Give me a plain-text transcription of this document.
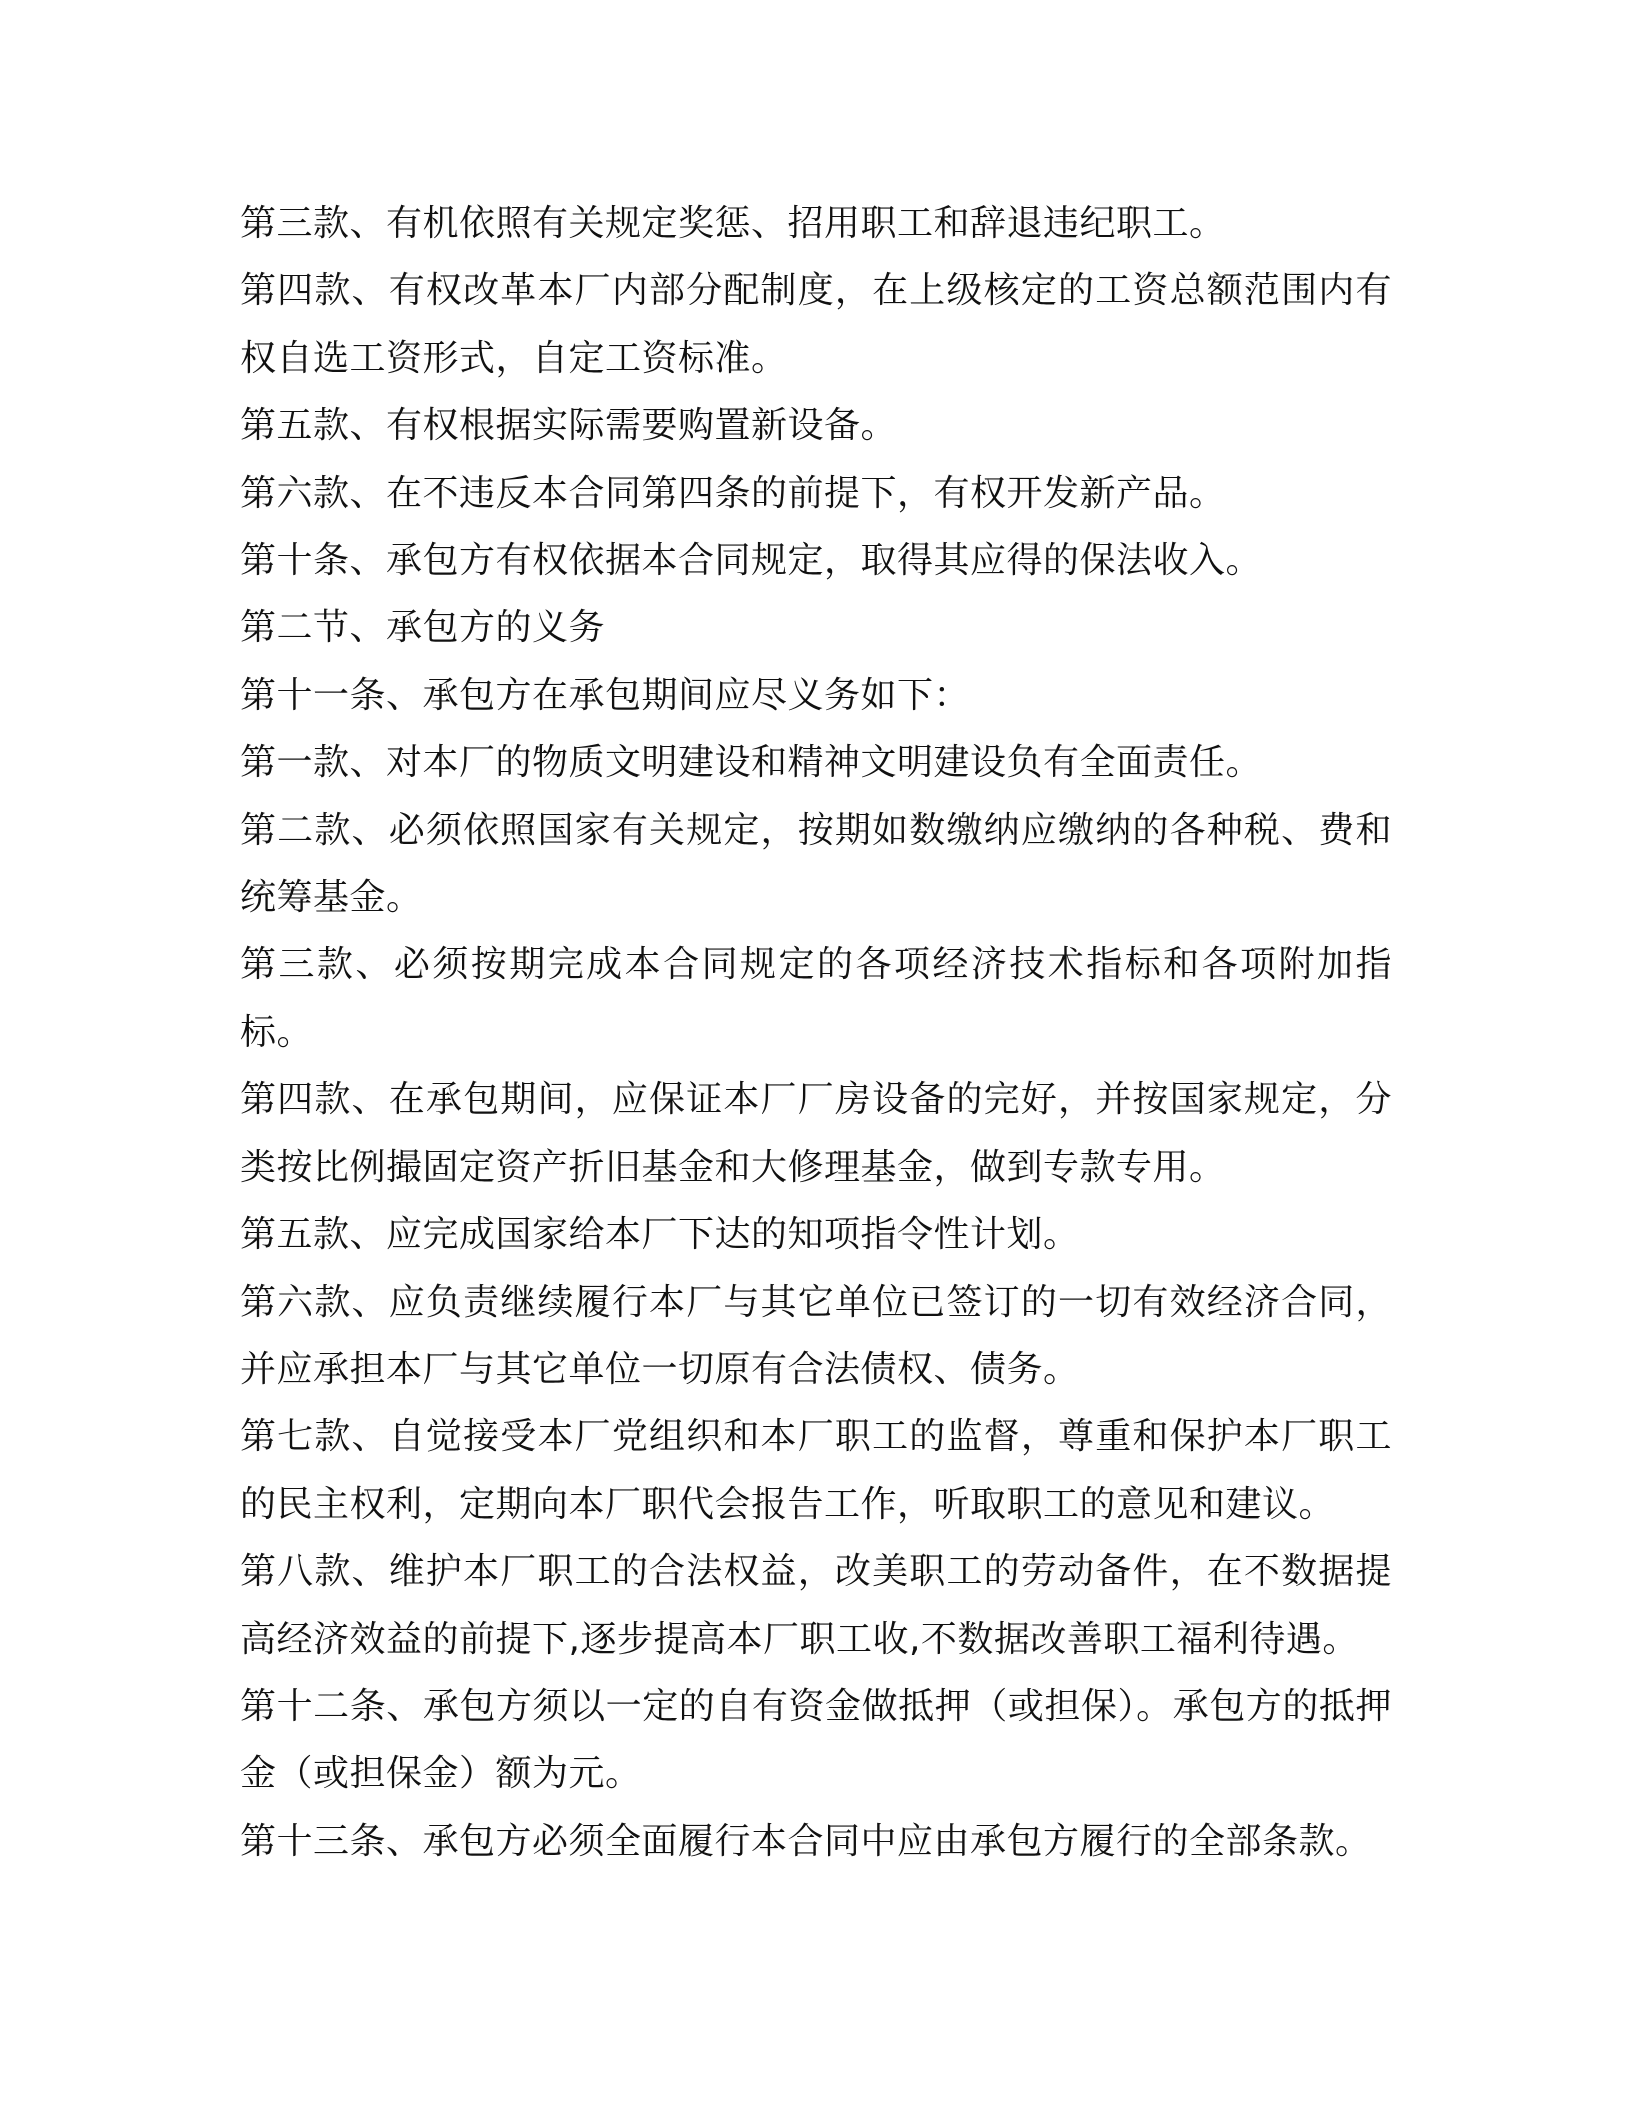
第三款、有机依照有关规定奖惩、招用职工和辞退违纪职工。

第四款、有权改革本厂内部分配制度，在上级核定的工资总额范围内有权自选工资形式，自定工资标准。

第五款、有权根据实际需要购置新设备。

第六款、在不违反本合同第四条的前提下，有权开发新产品。

第十条、承包方有权依据本合同规定，取得其应得的保法收入。

第二节、承包方的义务

第十一条、承包方在承包期间应尽义务如下：

第一款、对本厂的物质文明建设和精神文明建设负有全面责任。

第二款、必须依照国家有关规定，按期如数缴纳应缴纳的各种税、费和统筹基金。

第三款、必须按期完成本合同规定的各项经济技术指标和各项附加指标。

第四款、在承包期间，应保证本厂厂房设备的完好，并按国家规定，分类按比例撮固定资产折旧基金和大修理基金，做到专款专用。

第五款、应完成国家给本厂下达的知项指令性计划。

第六款、应负责继续履行本厂与其它单位已签订的一切有效经济合同，并应承担本厂与其它单位一切原有合法债权、债务。

第七款、自觉接受本厂党组织和本厂职工的监督，尊重和保护本厂职工的民主权利，定期向本厂职代会报告工作，听取职工的意见和建议。

第八款、维护本厂职工的合法权益，改美职工的劳动备件，在不数据提高经济效益的前提下,逐步提高本厂职工收,不数据改善职工福利待遇。

第十二条、承包方须以一定的自有资金做抵押（或担保）。承包方的抵押金（或担保金）额为元。

第十三条、承包方必须全面履行本合同中应由承包方履行的全部条款。
